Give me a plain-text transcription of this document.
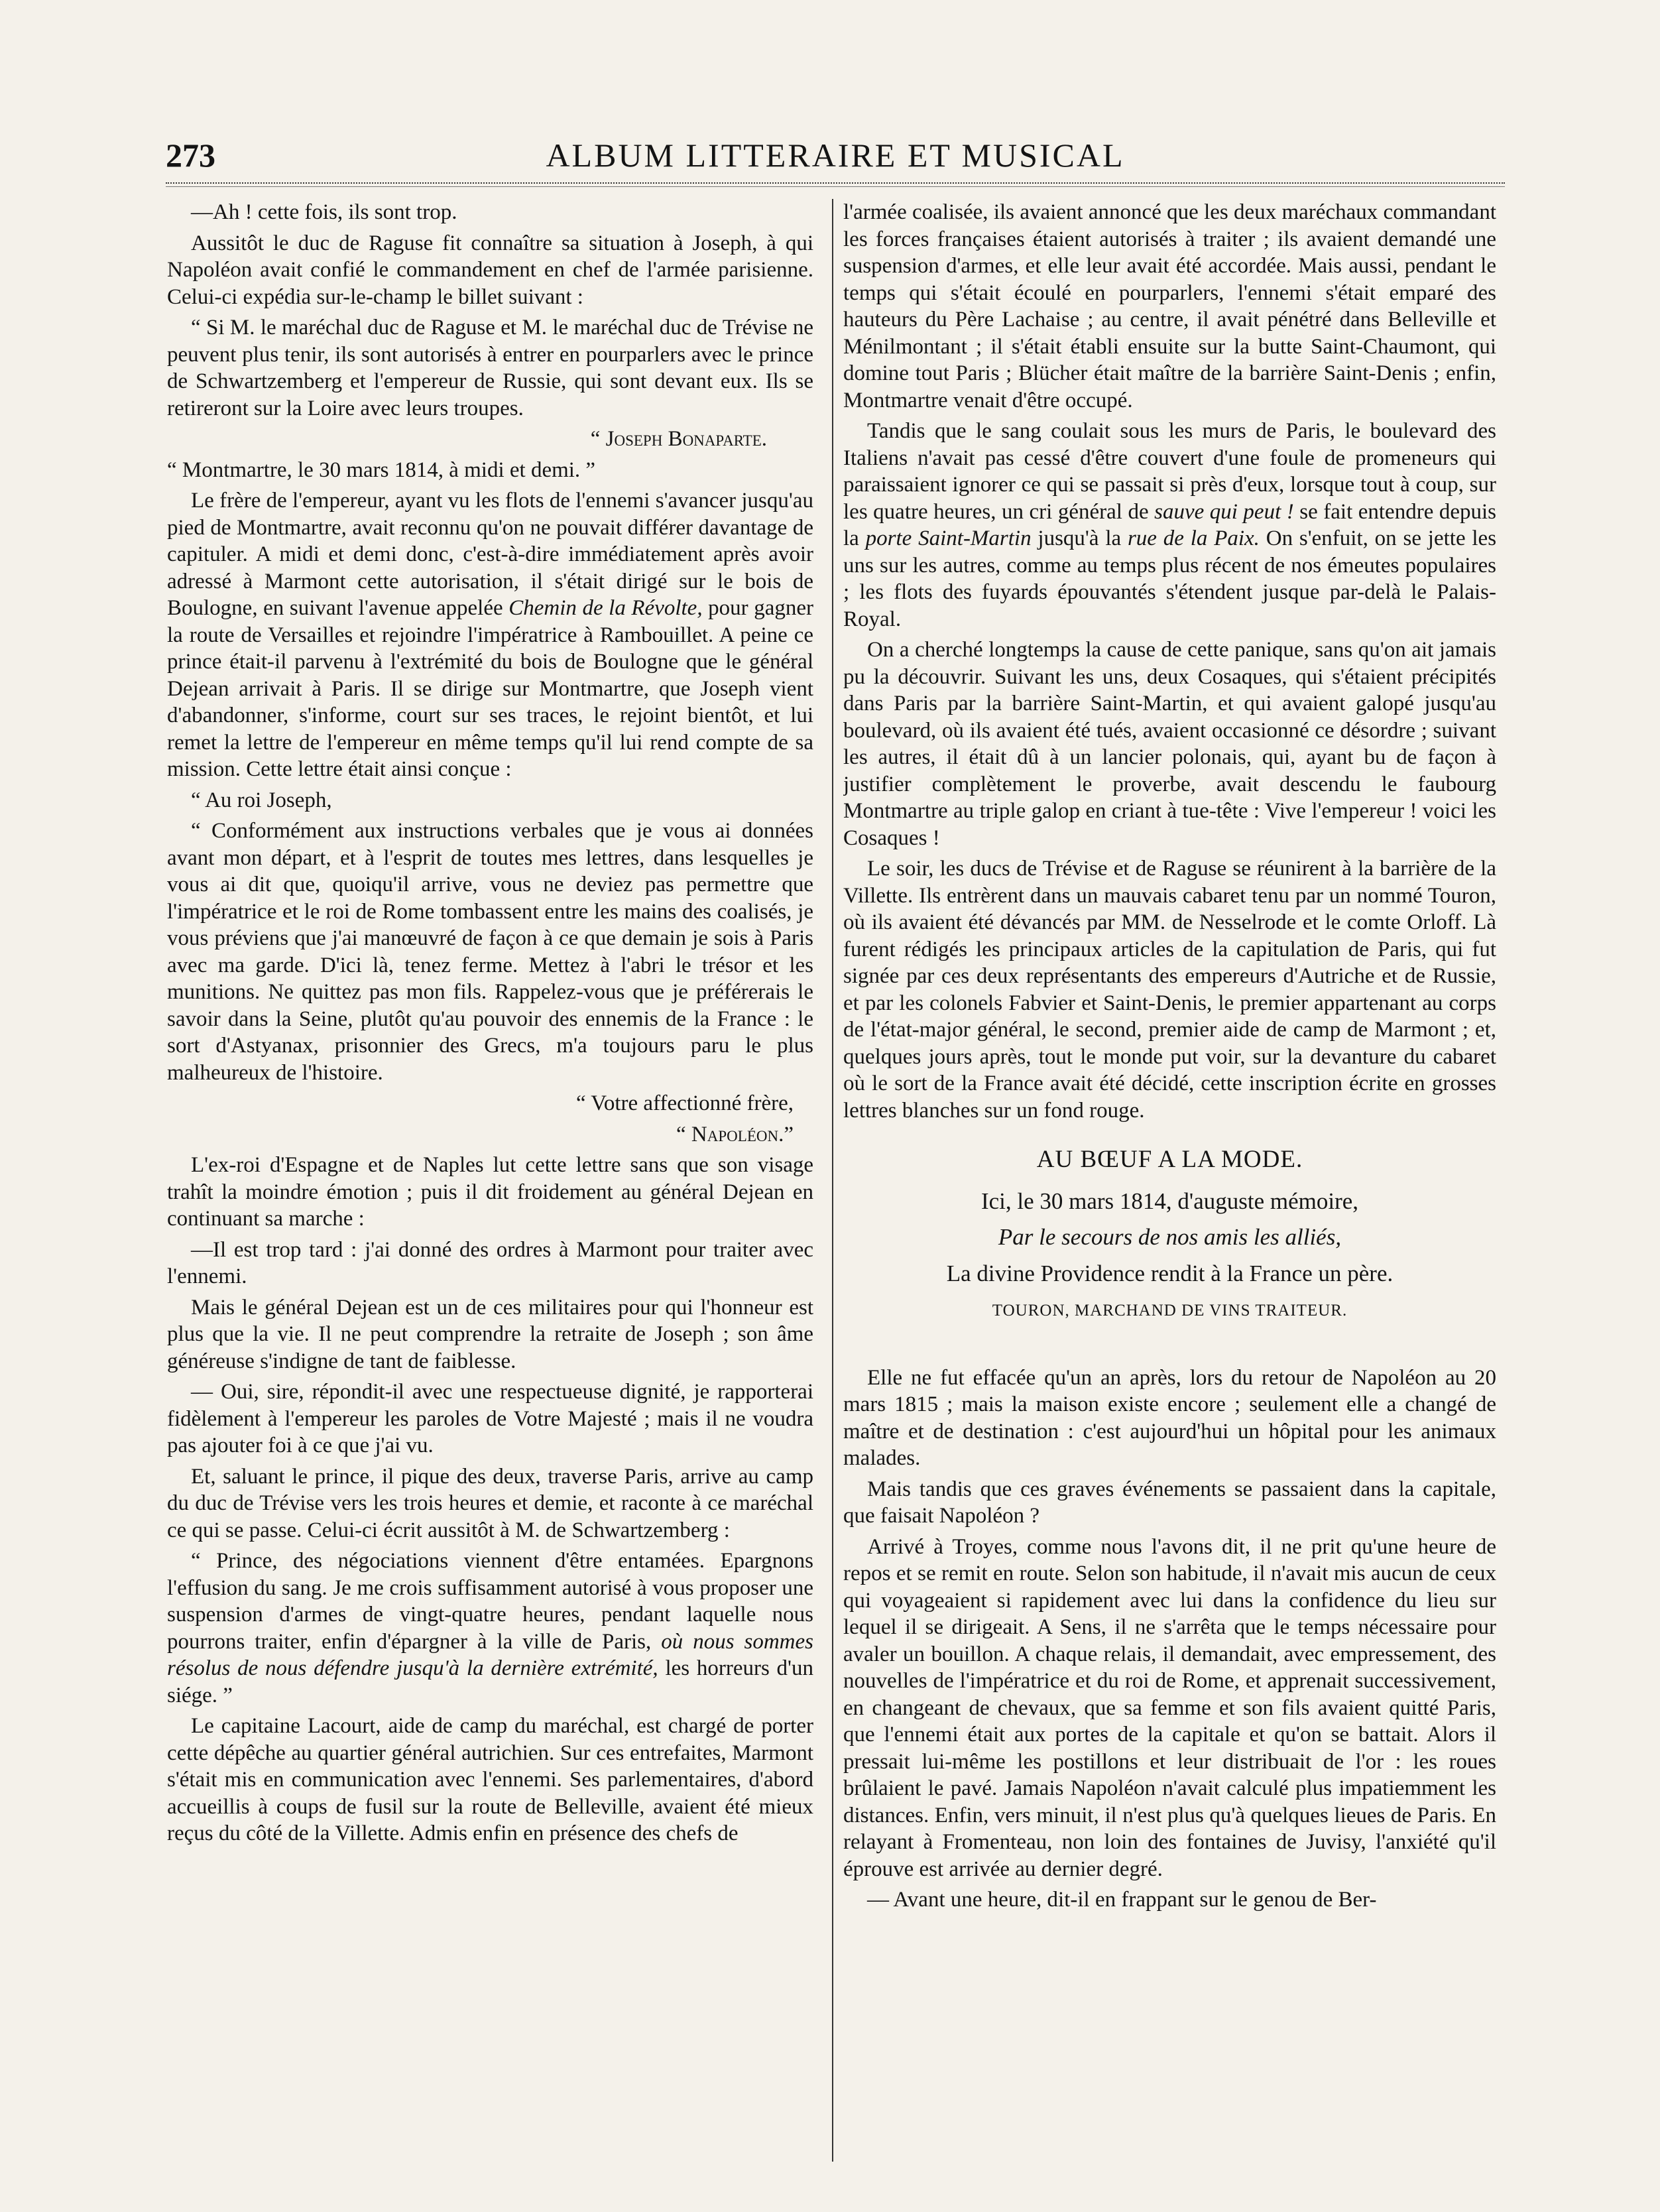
273	ALBUM LITTERAIRE ET MUSICAL

—Ah ! cette fois, ils sont trop.

Aussitôt le duc de Raguse fit connaître sa situation à Joseph, à qui Napoléon avait confié le commandement en chef de l'armée parisienne. Celui-ci expédia sur-le-champ le billet suivant :

“ Si M. le maréchal duc de Raguse et M. le maréchal duc de Trévise ne peuvent plus tenir, ils sont autorisés à entrer en pourparlers avec le prince de Schwartzemberg et l'empereur de Russie, qui sont devant eux. Ils se retireront sur la Loire avec leurs troupes.

“ Joseph Bonaparte.

“ Montmartre, le 30 mars 1814, à midi et demi. ”

Le frère de l'empereur, ayant vu les flots de l'ennemi s'avancer jusqu'au pied de Montmartre, avait reconnu qu'on ne pouvait différer davantage de capituler. A midi et demi donc, c'est-à-dire immédiatement après avoir adressé à Marmont cette autorisation, il s'était dirigé sur le bois de Boulogne, en suivant l'avenue appelée Chemin de la Révolte, pour gagner la route de Versailles et rejoindre l'impératrice à Rambouillet. A peine ce prince était-il parvenu à l'extrémité du bois de Boulogne que le général Dejean arrivait à Paris. Il se dirige sur Montmartre, que Joseph vient d'abandonner, s'informe, court sur ses traces, le rejoint bientôt, et lui remet la lettre de l'empereur en même temps qu'il lui rend compte de sa mission. Cette lettre était ainsi conçue :

“ Au roi Joseph,

“ Conformément aux instructions verbales que je vous ai données avant mon départ, et à l'esprit de toutes mes lettres, dans lesquelles je vous ai dit que, quoiqu'il arrive, vous ne deviez pas permettre que l'impératrice et le roi de Rome tombassent entre les mains des coalisés, je vous préviens que j'ai manœuvré de façon à ce que demain je sois à Paris avec ma garde. D'ici là, tenez ferme. Mettez à l'abri le trésor et les munitions. Ne quittez pas mon fils. Rappelez-vous que je préférerais le savoir dans la Seine, plutôt qu'au pouvoir des ennemis de la France : le sort d'Astyanax, prisonnier des Grecs, m'a toujours paru le plus malheureux de l'histoire.

“ Votre affectionné frère,

“ Napoléon.”

L'ex-roi d'Espagne et de Naples lut cette lettre sans que son visage trahît la moindre émotion ; puis il dit froidement au général Dejean en continuant sa marche :

—Il est trop tard : j'ai donné des ordres à Marmont pour traiter avec l'ennemi.

Mais le général Dejean est un de ces militaires pour qui l'honneur est plus que la vie. Il ne peut comprendre la retraite de Joseph ; son âme généreuse s'indigne de tant de faiblesse.

— Oui, sire, répondit-il avec une respectueuse dignité, je rapporterai fidèlement à l'empereur les paroles de Votre Majesté ; mais il ne voudra pas ajouter foi à ce que j'ai vu.

Et, saluant le prince, il pique des deux, traverse Paris, arrive au camp du duc de Trévise vers les trois heures et demie, et raconte à ce maréchal ce qui se passe. Celui-ci écrit aussitôt à M. de Schwartzemberg :

“ Prince, des négociations viennent d'être entamées. Epargnons l'effusion du sang. Je me crois suffisamment autorisé à vous proposer une suspension d'armes de vingt-quatre heures, pendant laquelle nous pourrons traiter, enfin d'épargner à la ville de Paris, où nous sommes résolus de nous défendre jusqu'à la dernière extrémité, les horreurs d'un siége. ”

Le capitaine Lacourt, aide de camp du maréchal, est chargé de porter cette dépêche au quartier général autrichien. Sur ces entrefaites, Marmont s'était mis en communication avec l'ennemi. Ses parlementaires, d'abord accueillis à coups de fusil sur la route de Belleville, avaient été mieux reçus du côté de la Villette. Admis enfin en présence des chefs de

l'armée coalisée, ils avaient annoncé que les deux maréchaux commandant les forces françaises étaient autorisés à traiter ; ils avaient demandé une suspension d'armes, et elle leur avait été accordée. Mais aussi, pendant le temps qui s'était écoulé en pourparlers, l'ennemi s'était emparé des hauteurs du Père Lachaise ; au centre, il avait pénétré dans Belleville et Ménilmontant ; il s'était établi ensuite sur la butte Saint-Chaumont, qui domine tout Paris ; Blücher était maître de la barrière Saint-Denis ; enfin, Montmartre venait d'être occupé.

Tandis que le sang coulait sous les murs de Paris, le boulevard des Italiens n'avait pas cessé d'être couvert d'une foule de promeneurs qui paraissaient ignorer ce qui se passait si près d'eux, lorsque tout à coup, sur les quatre heures, un cri général de sauve qui peut ! se fait entendre depuis la porte Saint-Martin jusqu'à la rue de la Paix. On s'enfuit, on se jette les uns sur les autres, comme au temps plus récent de nos émeutes populaires ; les flots des fuyards épouvantés s'étendent jusque par-delà le Palais-Royal.

On a cherché longtemps la cause de cette panique, sans qu'on ait jamais pu la découvrir. Suivant les uns, deux Cosaques, qui s'étaient précipités dans Paris par la barrière Saint-Martin, et qui avaient galopé jusqu'au boulevard, où ils avaient été tués, avaient occasionné ce désordre ; suivant les autres, il était dû à un lancier polonais, qui, ayant bu de façon à justifier complètement le proverbe, avait descendu le faubourg Montmartre au triple galop en criant à tue-tête : Vive l'empereur ! voici les Cosaques !

Le soir, les ducs de Trévise et de Raguse se réunirent à la barrière de la Villette. Ils entrèrent dans un mauvais cabaret tenu par un nommé Touron, où ils avaient été dévancés par MM. de Nesselrode et le comte Orloff. Là furent rédigés les principaux articles de la capitulation de Paris, qui fut signée par ces deux représentants des empereurs d'Autriche et de Russie, et par les colonels Fabvier et Saint-Denis, le premier appartenant au corps de l'état-major général, le second, premier aide de camp de Marmont ; et, quelques jours après, tout le monde put voir, sur la devanture du cabaret où le sort de la France avait été décidé, cette inscription écrite en grosses lettres blanches sur un fond rouge.

AU BŒUF A LA MODE.
Ici, le 30 mars 1814, d'auguste mémoire,
Par le secours de nos amis les alliés,
La divine Providence rendit à la France un père.
TOURON, MARCHAND DE VINS TRAITEUR.

Elle ne fut effacée qu'un an après, lors du retour de Napoléon au 20 mars 1815 ; mais la maison existe encore ; seulement elle a changé de maître et de destination : c'est aujourd'hui un hôpital pour les animaux malades.

Mais tandis que ces graves événements se passaient dans la capitale, que faisait Napoléon ?

Arrivé à Troyes, comme nous l'avons dit, il ne prit qu'une heure de repos et se remit en route. Selon son habitude, il n'avait mis aucun de ceux qui voyageaient si rapidement avec lui dans la confidence du lieu sur lequel il se dirigeait. A Sens, il ne s'arrêta que le temps nécessaire pour avaler un bouillon. A chaque relais, il demandait, avec empressement, des nouvelles de l'impératrice et du roi de Rome, et apprenait successivement, en changeant de chevaux, que sa femme et son fils avaient quitté Paris, que l'ennemi était aux portes de la capitale et qu'on se battait. Alors il pressait lui-même les postillons et leur distribuait de l'or : les roues brûlaient le pavé. Jamais Napoléon n'avait calculé plus impatiemment les distances. Enfin, vers minuit, il n'est plus qu'à quelques lieues de Paris. En relayant à Fromenteau, non loin des fontaines de Juvisy, l'anxiété qu'il éprouve est arrivée au dernier degré.

— Avant une heure, dit-il en frappant sur le genou de Ber-
